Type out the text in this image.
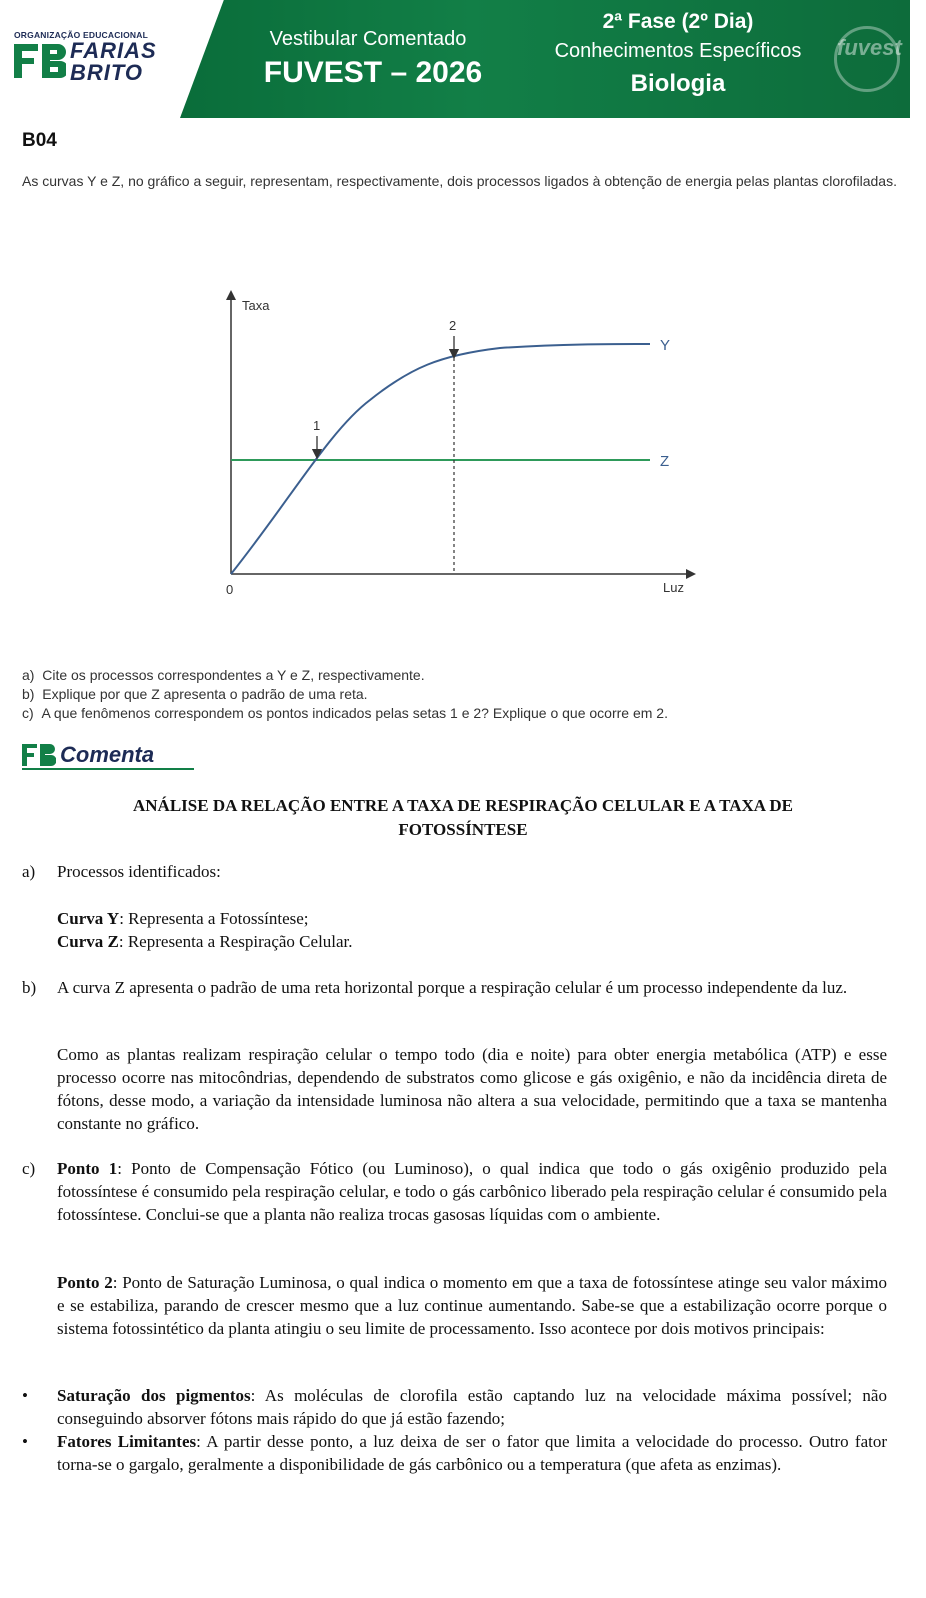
ORGANIZAÇÃO EDUCACIONAL
FARIAS
BRITO
Vestibular Comentado
FUVEST – 2026
2ª Fase (2º Dia)
Conhecimentos Específicos
Biologia
fuvest
B04
As curvas Y e Z, no gráfico a seguir, representam, respectivamente, dois processos ligados à obtenção de energia pelas plantas clorofiladas.
Taxa
Luz
0
Z
Y
1
2
a) Cite os processos correspondentes a Y e Z, respectivamente.
b) Explique por que Z apresenta o padrão de uma reta.
c) A que fenômenos correspondem os pontos indicados pelas setas 1 e 2? Explique o que ocorre em 2.
Comenta
ANÁLISE DA RELAÇÃO ENTRE A TAXA DE RESPIRAÇÃO CELULAR E A TAXA DE
FOTOSSÍNTESE
a) Processos identificados:
Curva Y: Representa a Fotossíntese;
Curva Z: Representa a Respiração Celular.
b) A curva Z apresenta o padrão de uma reta horizontal porque a respiração celular é um processo independente da luz.
Como as plantas realizam respiração celular o tempo todo (dia e noite) para obter energia metabólica (ATP) e esse processo ocorre nas mitocôndrias, dependendo de substratos como glicose e gás oxigênio, e não da incidência direta de fótons, desse modo, a variação da intensidade luminosa não altera a sua velocidade, permitindo que a taxa se mantenha constante no gráfico.
c) Ponto 1: Ponto de Compensação Fótico (ou Luminoso), o qual indica que todo o gás oxigênio produzido pela fotossíntese é consumido pela respiração celular, e todo o gás carbônico liberado pela respiração celular é consumido pela fotossíntese. Conclui-se que a planta não realiza trocas gasosas líquidas com o ambiente.
Ponto 2: Ponto de Saturação Luminosa, o qual indica o momento em que a taxa de fotossíntese atinge seu valor máximo e se estabiliza, parando de crescer mesmo que a luz continue aumentando. Sabe-se que a estabilização ocorre porque o sistema fotossintético da planta atingiu o seu limite de processamento. Isso acontece por dois motivos principais:
• Saturação dos pigmentos: As moléculas de clorofila estão captando luz na velocidade máxima possível; não conseguindo absorver fótons mais rápido do que já estão fazendo;
• Fatores Limitantes: A partir desse ponto, a luz deixa de ser o fator que limita a velocidade do processo. Outro fator torna-se o gargalo, geralmente a disponibilidade de gás carbônico ou a temperatura (que afeta as enzimas).
